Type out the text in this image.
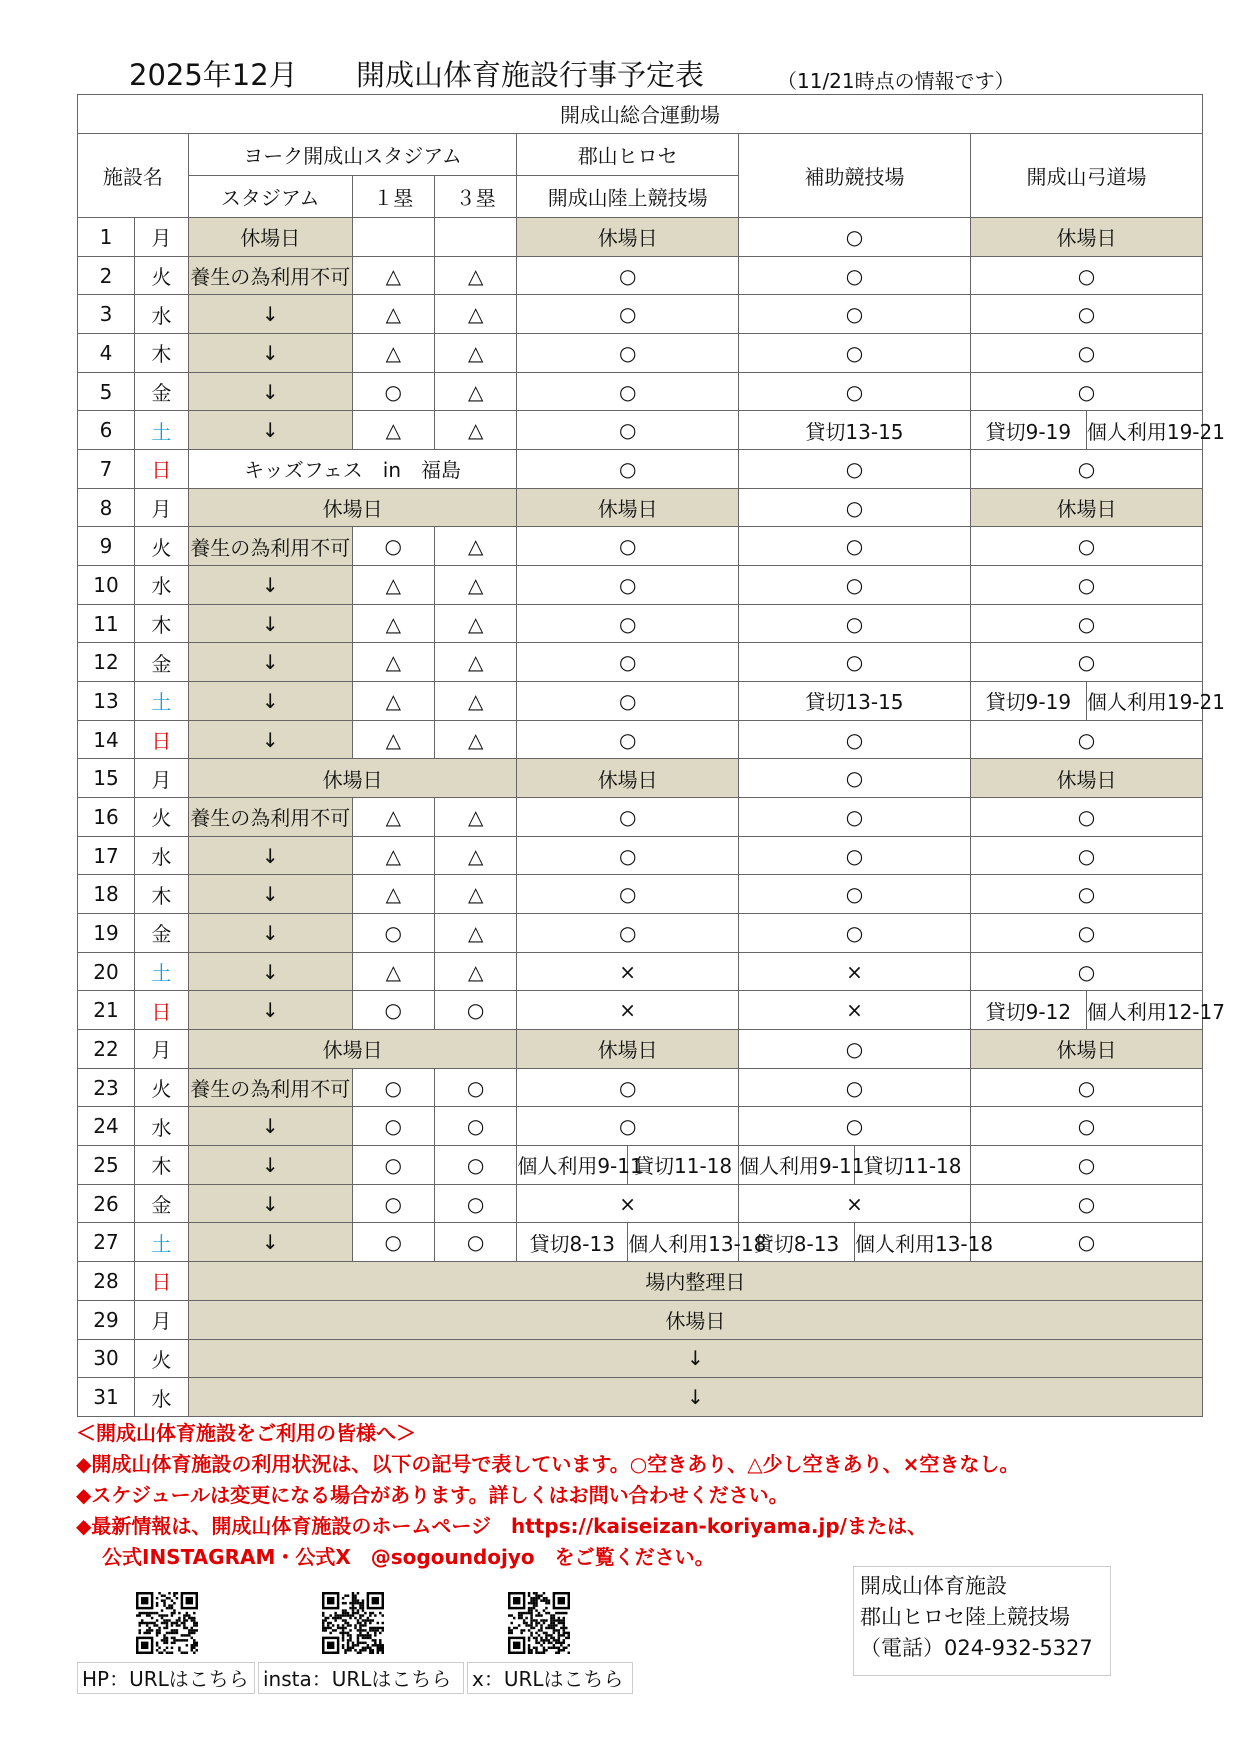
2025年12月 開成山体育施設行事予定表	（11/21時点の情報です）
開成山総合運動場										
施設名		ヨーク開成山スタジアム			郡山ヒロセ		補助競技場		開成山弓道場	
		スタジアム	１塁	３塁	開成山陸上競技場					
1	月	休場日			休場日		○		休場日	
2	火	養生の為利用不可	△	△	○		○		○	
3	水	↓	△	△	○		○		○	
4	木	↓	△	△	○		○		○	
5	金	↓	○	△	○		○		○	
6	土	↓	△	△	○		貸切13-15		貸切9-19	個人利用19-21
7	日	キッズフェス　in　福島			○		○		○	
8	月	休場日			休場日		○		休場日	
9	火	養生の為利用不可	○	△	○		○		○	
10	水	↓	△	△	○		○		○	
11	木	↓	△	△	○		○		○	
12	金	↓	△	△	○		○		○	
13	土	↓	△	△	○		貸切13-15		貸切9-19	個人利用19-21
14	日	↓	△	△	○		○		○	
15	月	休場日			休場日		○		休場日	
16	火	養生の為利用不可	△	△	○		○		○	
17	水	↓	△	△	○		○		○	
18	木	↓	△	△	○		○		○	
19	金	↓	○	△	○		○		○	
20	土	↓	△	△	×		×		○	
21	日	↓	○	○	×		×		貸切9-12	個人利用12-17
22	月	休場日			休場日		○		休場日	
23	火	養生の為利用不可	○	○	○		○		○	
24	水	↓	○	○	○		○		○	
25	木	↓	○	○	個人利用9-11	貸切11-18	個人利用9-11	貸切11-18	○	
26	金	↓	○	○	×		×		○	
27	土	↓	○	○	貸切8-13	個人利用13-18	貸切8-13	個人利用13-18	○	
28	日	場内整理日								
29	月	休場日								
30	火	↓								
31	水	↓								
＜開成山体育施設をご利用の皆様へ＞
◆開成山体育施設の利用状況は、以下の記号で表しています。○空きあり、△少し空きあり、×空きなし。
◆スケジュールは変更になる場合があります。詳しくはお問い合わせください。
◆最新情報は、開成山体育施設のホームページ　https://kaiseizan-koriyama.jp/または、
公式INSTAGRAM・公式X　@sogoundojyo　をご覧ください。
HP：URLはこちら insta：URLはこちら	x：URLはこちら
開成山体育施設
郡山ヒロセ陸上競技場
（電話）024-932-5327
